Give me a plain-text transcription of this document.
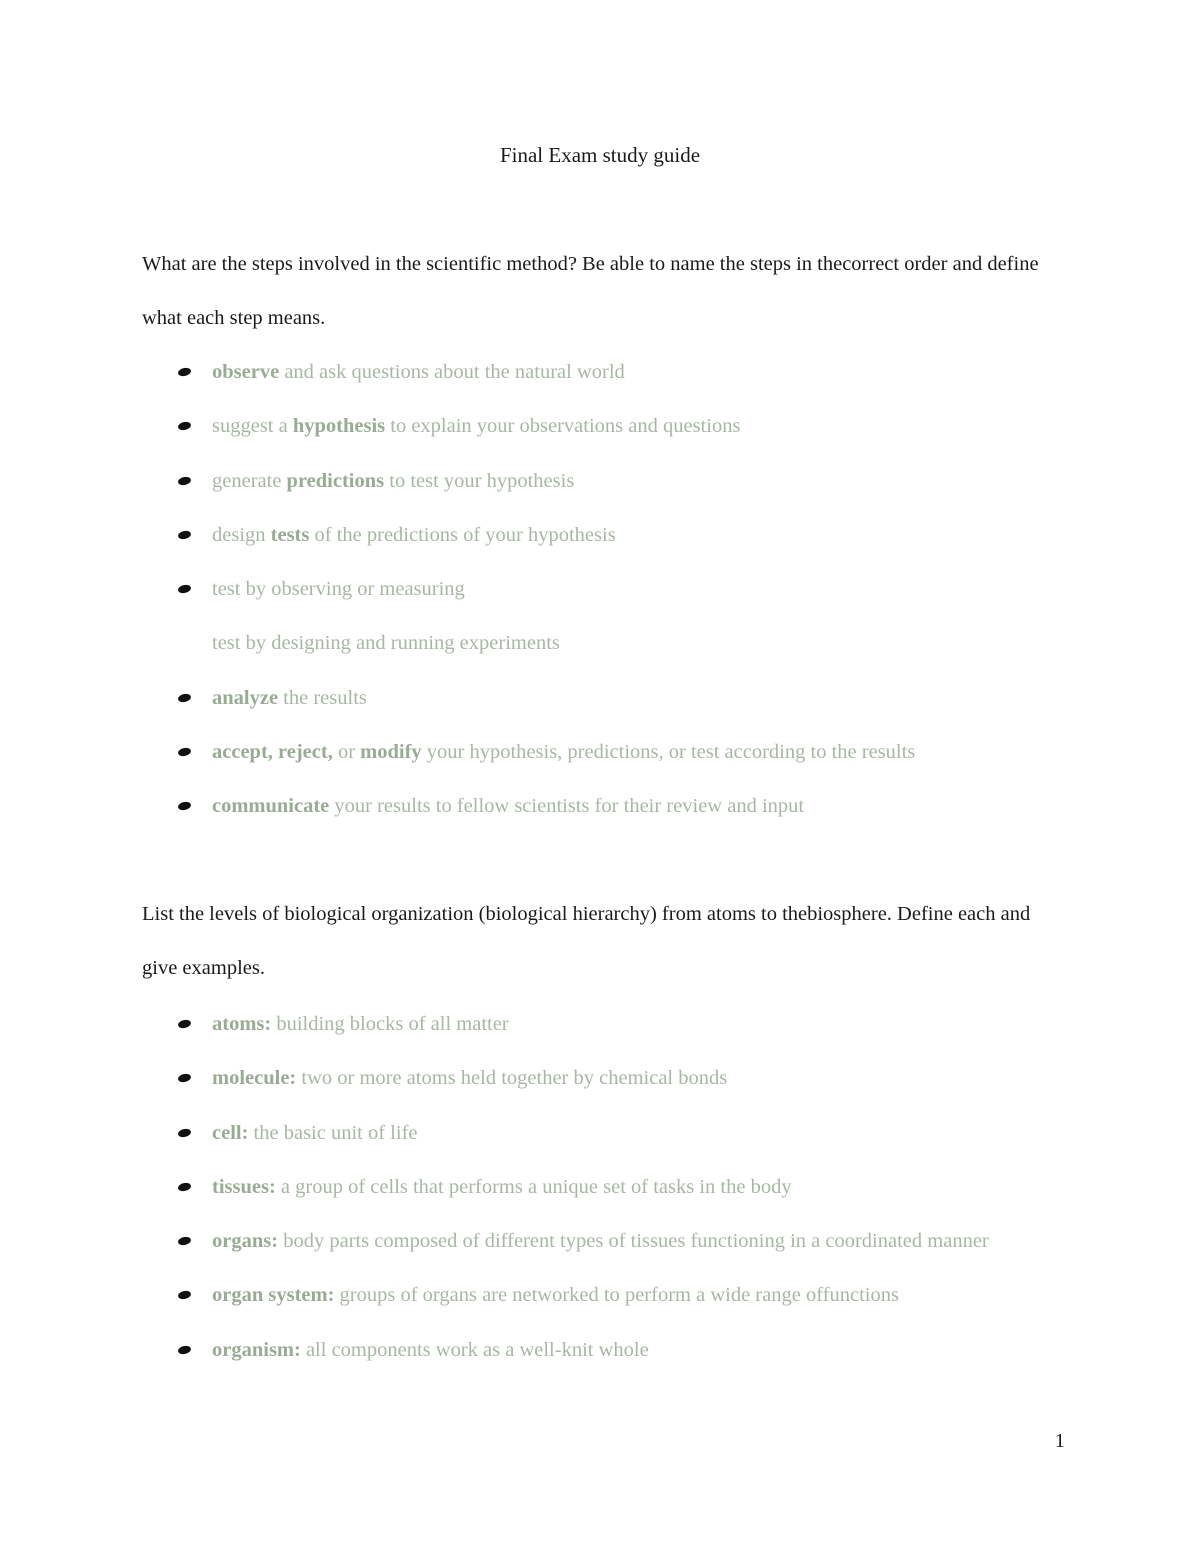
Final Exam study guide

What are the steps involved in the scientific method? Be able to name the steps in thecorrect order and define what each step means.

observe and ask questions about the natural world
suggest a hypothesis to explain your observations and questions
generate predictions to test your hypothesis
design tests of the predictions of your hypothesis
test by observing or measuring
test by designing and running experiments
analyze the results
accept, reject, or modify your hypothesis, predictions, or test according to the results
communicate your results to fellow scientists for their review and input

List the levels of biological organization (biological hierarchy) from atoms to thebiosphere. Define each and give examples.

atoms: building blocks of all matter
molecule: two or more atoms held together by chemical bonds
cell: the basic unit of life
tissues: a group of cells that performs a unique set of tasks in the body
organs: body parts composed of different types of tissues functioning in a coordinated manner
organ system: groups of organs are networked to perform a wide range offunctions
organism: all components work as a well-knit whole
1
